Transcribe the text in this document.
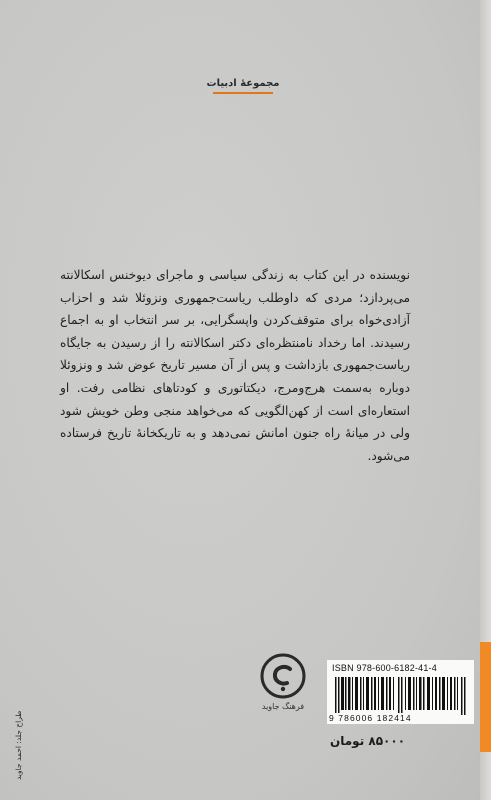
مجموعهٔ ادبیات
نویسنده در این کتاب به زندگی سیاسی و ماجرای دیوخنس اسکالانته می‌پردازد؛ مردی که داوطلب ریاست‌جمهوری ونزوئلا شد و احزاب آزادی‌خواه برای متوقف‌کردن واپسگرایی، بر سر انتخاب او به اجماع رسیدند. اما رخداد نامنتظره‌ای دکتر اسکالانته را از رسیدن به جایگاه ریاست‌جمهوری بازداشت و پس از آن مسیر تاریخ عوض شد و ونزوئلا دوباره به‌سمت هرج‌ومرج، دیکتاتوری و کودتاهای نظامی رفت. او استعاره‌ای است از کهن‌الگویی که می‌خواهد منجی وطن خویش شود ولی در میانهٔ راه جنون امانش نمی‌دهد و به تاریکخانهٔ تاریخ فرستاده می‌شود.
طراح جلد: احمد جاوید
فرهنگ جاوید
ISBN 978-600-6182-41-4
9 786006 182414
۸۵۰۰۰ تومان
